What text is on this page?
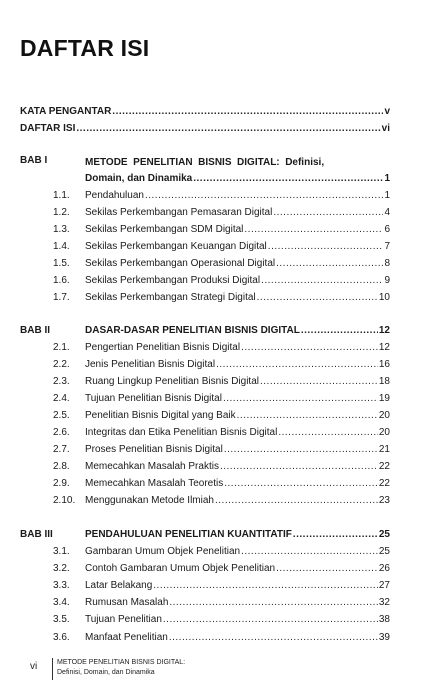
DAFTAR ISI
KATA PENGANTAR .....	v
DAFTAR ISI .....	vi
BAB I	METODE  PENELITIAN  BISNIS  DIGITAL:  Definisi,
Domain, dan Dinamika .....	1
1.1. Pendahuluan .....	1
1.2. Sekilas Perkembangan Pemasaran Digital .....	4
1.3. Sekilas Perkembangan SDM Digital .....	6
1.4. Sekilas Perkembangan Keuangan Digital .....	7
1.5. Sekilas Perkembangan Operasional Digital .....	8
1.6. Sekilas Perkembangan Produksi Digital .....	9
1.7. Sekilas Perkembangan Strategi Digital .....	10
BAB II	DASAR-DASAR PENELITIAN BISNIS DIGITAL .....	12
2.1. Pengertian Penelitian Bisnis Digital .....	12
2.2. Jenis Penelitian Bisnis Digital .....	16
2.3. Ruang Lingkup Penelitian Bisnis Digital .....	18
2.4. Tujuan Penelitian Bisnis Digital .....	19
2.5. Penelitian Bisnis Digital yang Baik .....	20
2.6. Integritas dan Etika Penelitian Bisnis Digital .....	20
2.7. Proses Penelitian Bisnis Digital .....	21
2.8. Memecahkan Masalah Praktis .....	22
2.9. Memecahkan Masalah Teoretis .....	22
2.10. Menggunakan Metode Ilmiah .....	23
BAB III	PENDAHULUAN PENELITIAN KUANTITATIF .....	25
3.1. Gambaran Umum Objek Penelitian .....	25
3.2. Contoh Gambaran Umum Objek Penelitian .....	26
3.3. Latar Belakang .....	27
3.4. Rumusan Masalah .....	32
3.5. Tujuan Penelitian .....	38
3.6. Manfaat Penelitian .....	39
vi	METODE PENELITIAN BISNIS DIGITAL:
Definisi, Domain, dan Dinamika
